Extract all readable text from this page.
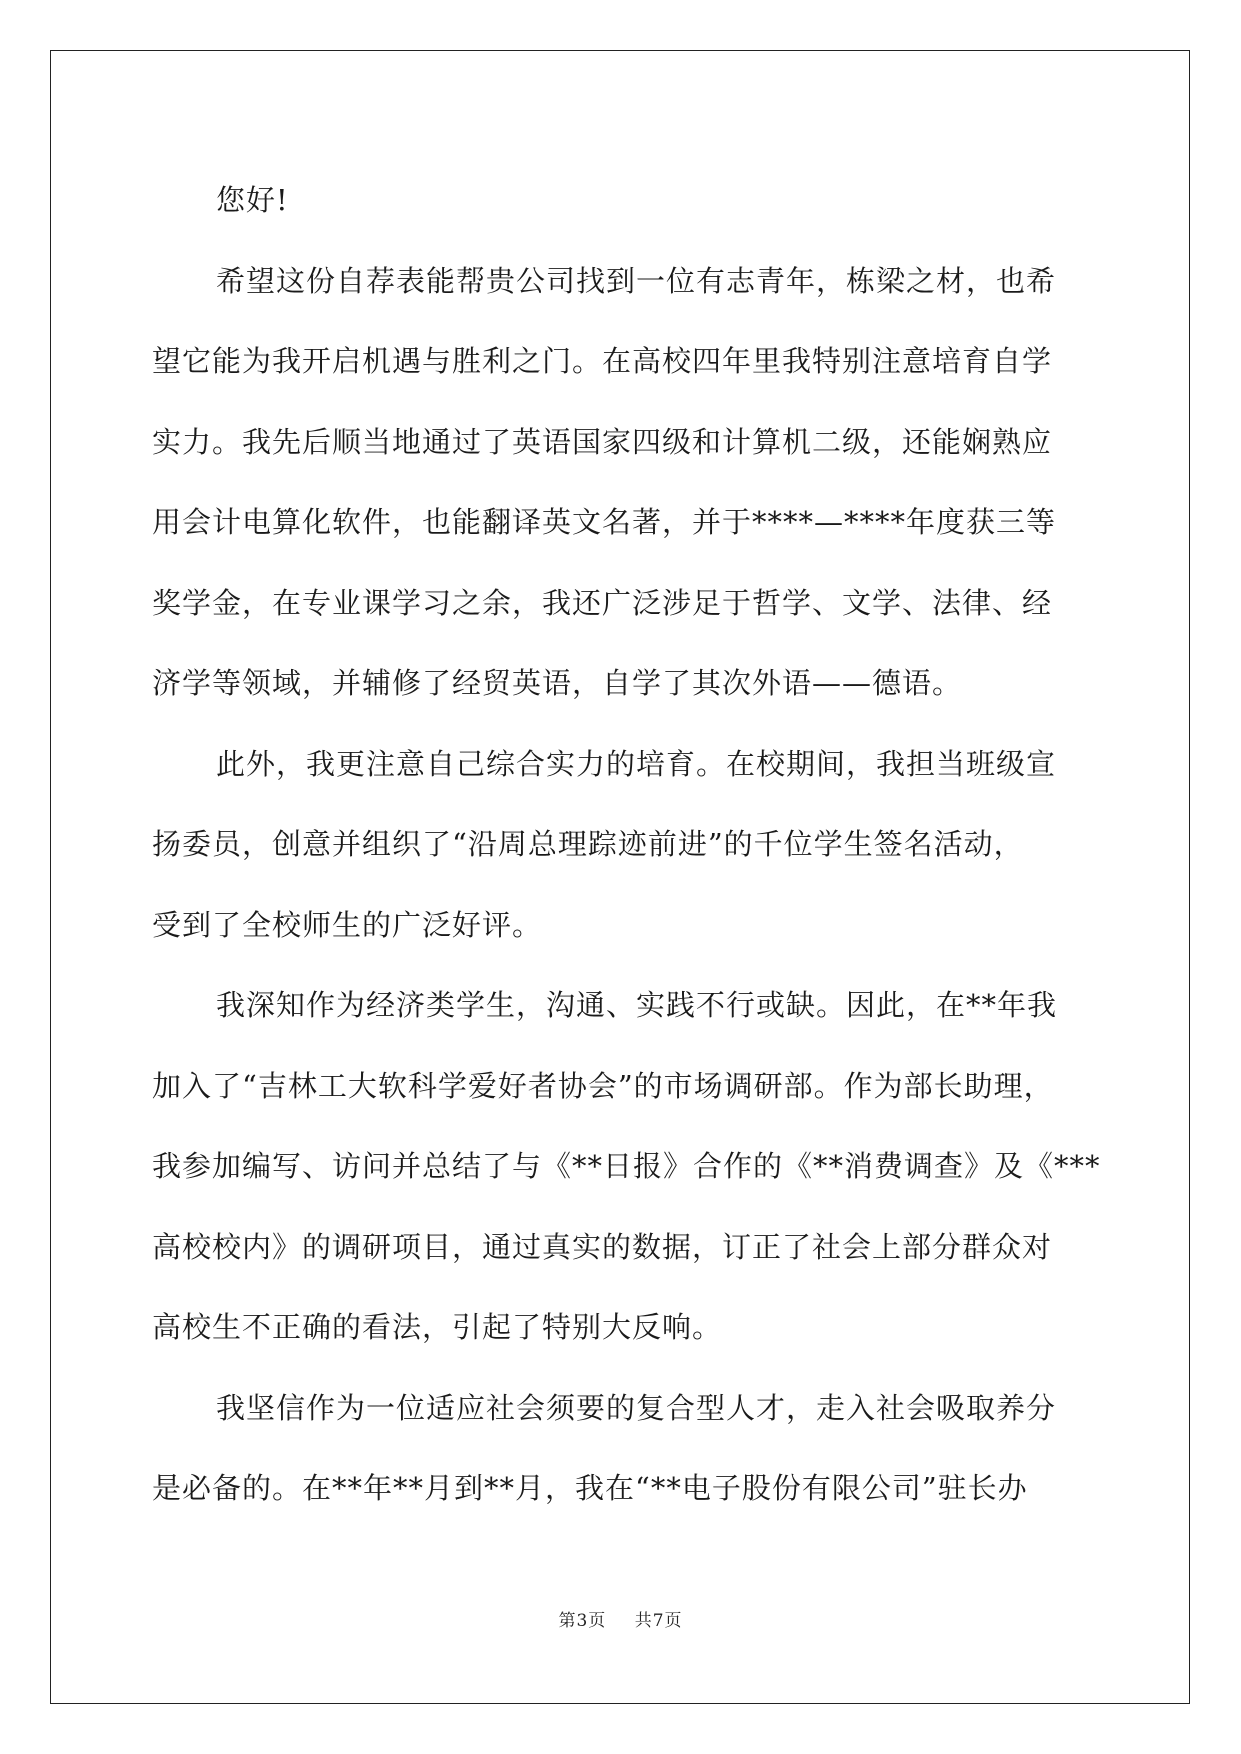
您好!

希望这份自荐表能帮贵公司找到一位有志青年，栋梁之材，也希
望它能为我开启机遇与胜利之门。在高校四年里我特别注意培育自学
实力。我先后顺当地通过了英语国家四级和计算机二级，还能娴熟应
用会计电算化软件，也能翻译英文名著，并于****—****年度获三等
奖学金，在专业课学习之余，我还广泛涉足于哲学、文学、法律、经
济学等领域，并辅修了经贸英语，自学了其次外语——德语。

此外，我更注意自己综合实力的培育。在校期间，我担当班级宣
扬委员，创意并组织了“沿周总理踪迹前进”的千位学生签名活动，
受到了全校师生的广泛好评。

我深知作为经济类学生，沟通、实践不行或缺。因此，在**年我
加入了“吉林工大软科学爱好者协会”的市场调研部。作为部长助理，
我参加编写、访问并总结了与《**日报》合作的《**消费调查》及《***
高校校内》的调研项目，通过真实的数据，订正了社会上部分群众对
高校生不正确的看法，引起了特别大反响。

我坚信作为一位适应社会须要的复合型人才，走入社会吸取养分
是必备的。在**年**月到**月，我在“**电子股份有限公司”驻长办

第3页 共7页
